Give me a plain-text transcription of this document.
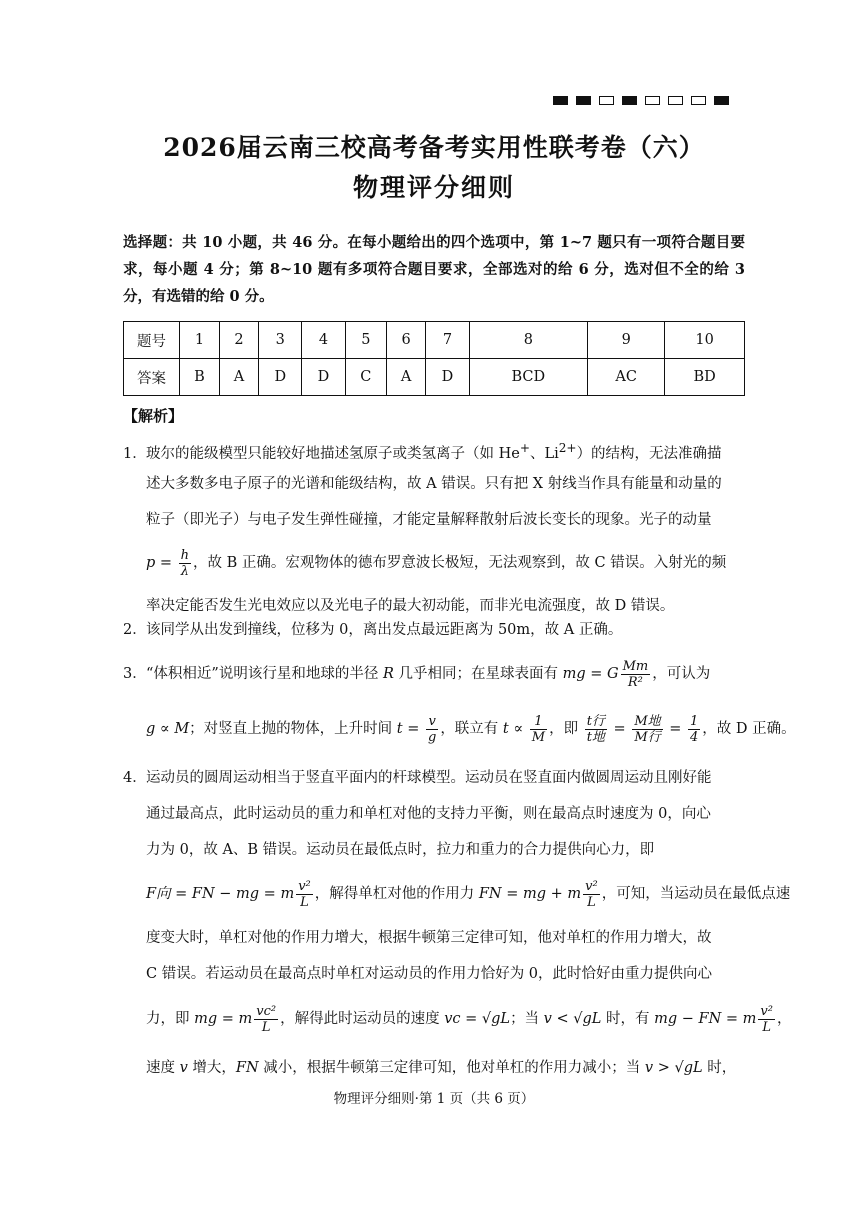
2026届云南三校高考备考实用性联考卷（六）
物理评分细则
选择题：共 10 小题，共 46 分。在每小题给出的四个选项中，第 1~7 题只有一项符合题目要求，每小题 4 分；第 8~10 题有多项符合题目要求，全部选对的给 6 分，选对但不全的给 3 分，有选错的给 0 分。
题号	1	2	3	4	5	6	7	8	9	10
答案	B	A	D	D	C	A	D	BCD	AC	BD
【解析】
1．玻尔的能级模型只能较好地描述氢原子或类氢离子（如 He+、$Li^{2+}$）的结构，无法准确描
述大多数多电子原子的光谱和能级结构，故 A 错误。只有把 X 射线当作具有能量和动量的
粒子（即光子）与电子发生弹性碰撞，才能定量解释散射后波长变长的现象。光子的动量
$p = \frac{h}{\lambda}$ ，故 B 正确。宏观物体的德布罗意波长极短，无法观察到，故 C 错误。入射光的频
率决定能否发生光电效应以及光电子的最大初动能，而非光电流强度，故 D 错误。
2．该同学从出发到撞线，位移为 0，离出发点最远距离为 50m，故 A 正确。
3．“体积相近”说明该行星和地球的半径 R 几乎相同；在星球表面有 mg = G $\frac{Mm}{\text{R²}}$ ，可认为
g ∝ M；对竖直上抛的物体，上升时间 $t = \frac{v}{g}$ ，联立有 $t \propto \frac{1}{M}$ ，即 $\frac{\text{t行}}{\text{t地}} = \frac{\text{M地}}{\text{M行}} = \frac{1}{4}$ ，故 D 正确。
4．运动员的圆周运动相当于竖直平面内的杆球模型。运动员在竖直面内做圆周运动且刚好能
通过最高点，此时运动员的重力和单杠对他的支持力平衡，则在最高点时速度为 0，向心
力为 0，故 A、B 错误。运动员在最低点时，拉力和重力的合力提供向心力，即
F向 = FN − mg = m $\frac{\text{v²}}{L}$ ，解得单杠对他的作用力 FN = mg + m $\frac{\text{v²}}{L}$ ，可知，当运动员在最低点速
度变大时，单杠对他的作用力增大，根据牛顿第三定律可知，他对单杠的作用力增大，故
C 错误。若运动员在最高点时单杠对运动员的作用力恰好为 0，此时恰好由重力提供向心
力，即 mg = m $\frac{\text{vc²}}{L}$ ，解得此时运动员的速度 vc = √gL；当 v < √gL 时，有 mg − FN = m $\frac{\text{v²}}{L}$ ，
速度 v 增大，FN 减小，根据牛顿第三定律可知，他对单杠的作用力减小；当 v > √gL 时，
物理评分细则·第 1 页（共 6 页）
